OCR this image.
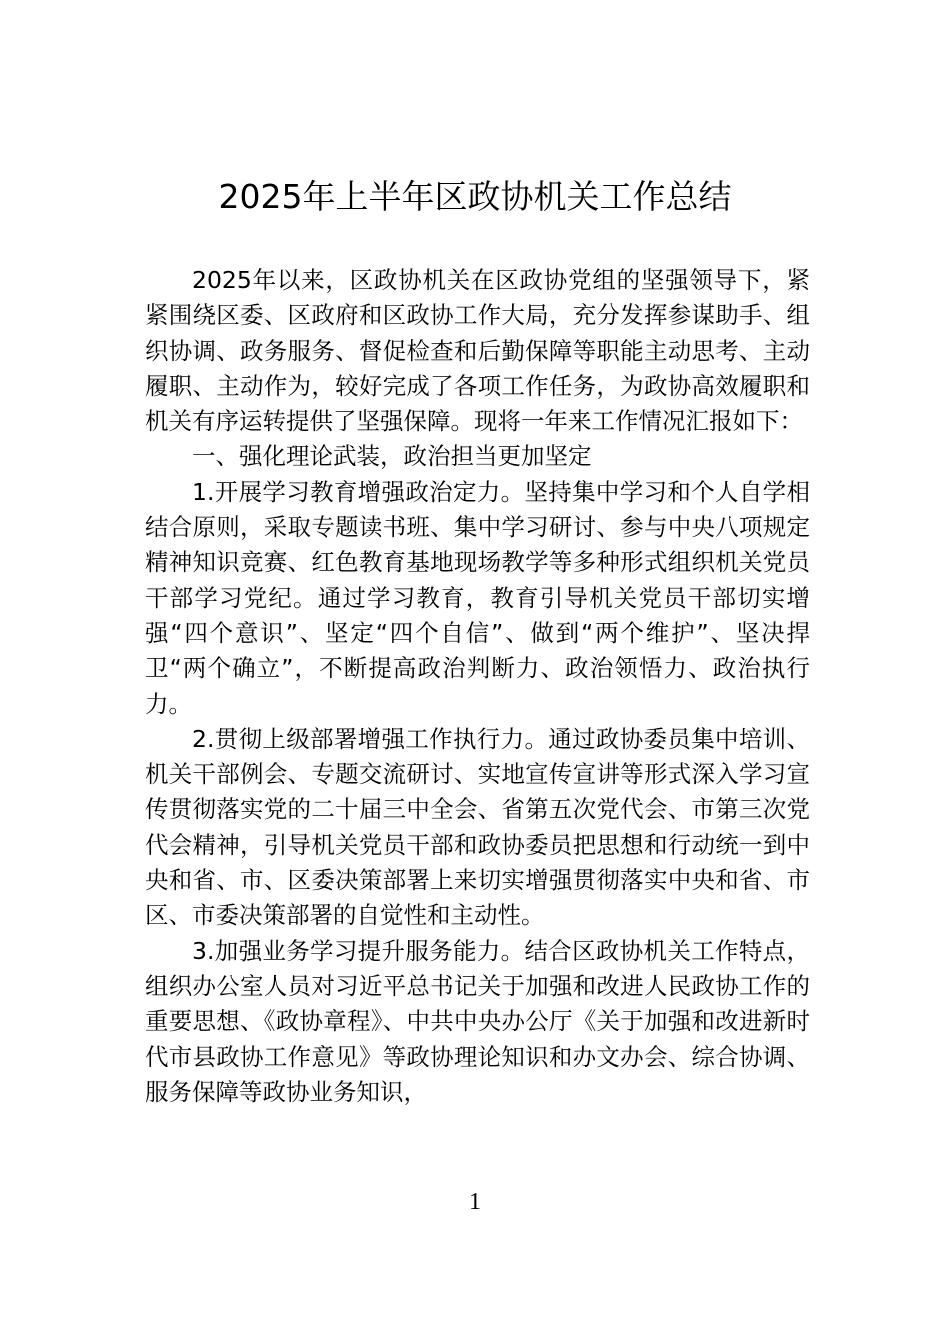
2025年上半年区政协机关工作总结

2025年以来，区政协机关在区政协党组的坚强领导下，紧紧围绕区委、区政府和区政协工作大局，充分发挥参谋助手、组织协调、政务服务、督促检查和后勤保障等职能主动思考、主动履职、主动作为，较好完成了各项工作任务，为政协高效履职和机关有序运转提供了坚强保障。现将一年来工作情况汇报如下：

一、强化理论武装，政治担当更加坚定

1.开展学习教育增强政治定力。坚持集中学习和个人自学相结合原则，采取专题读书班、集中学习研讨、参与中央八项规定精神知识竞赛、红色教育基地现场教学等多种形式组织机关党员干部学习党纪。通过学习教育，教育引导机关党员干部切实增强“四个意识”、坚定“四个自信”、做到“两个维护”、坚决捍卫“两个确立”，不断提高政治判断力、政治领悟力、政治执行力。

2.贯彻上级部署增强工作执行力。通过政协委员集中培训、机关干部例会、专题交流研讨、实地宣传宣讲等形式深入学习宣传贯彻落实党的二十届三中全会、省第五次党代会、市第三次党代会精神，引导机关党员干部和政协委员把思想和行动统一到中央和省、市、区委决策部署上来切实增强贯彻落实中央和省、市区、市委决策部署的自觉性和主动性。

3.加强业务学习提升服务能力。结合区政协机关工作特点，组织办公室人员对习近平总书记关于加强和改进人民政协工作的重要思想、《政协章程》、中共中央办公厅《关于加强和改进新时代市县政协工作意见》等政协理论知识和办文办会、综合协调、服务保障等政协业务知识，

1
